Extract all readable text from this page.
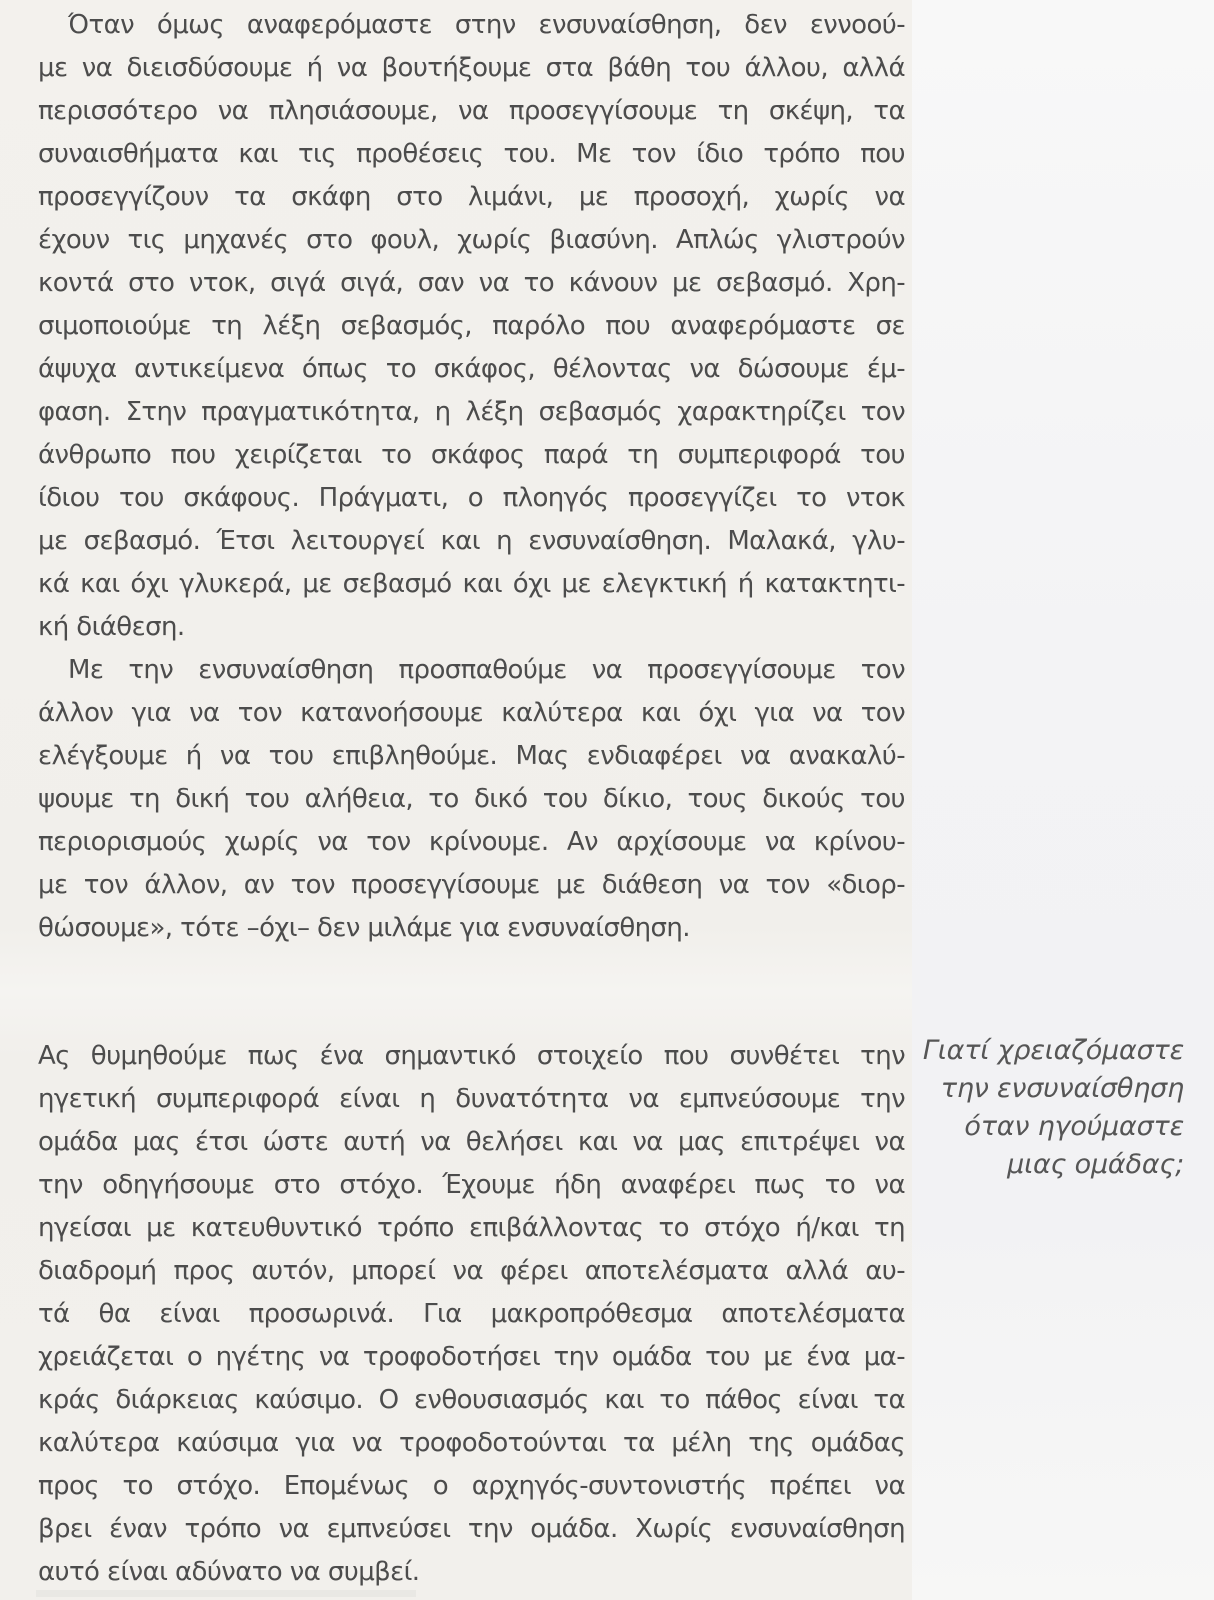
Όταν όμως αναφερόμαστε στην ενσυναίσθηση, δεν εννοού-
με να διεισδύσουμε ή να βουτήξουμε στα βάθη του άλλου, αλλά
περισσότερο να πλησιάσουμε, να προσεγγίσουμε τη σκέψη, τα
συναισθήματα και τις προθέσεις του. Με τον ίδιο τρόπο που
προσεγγίζουν τα σκάφη στο λιμάνι, με προσοχή, χωρίς να
έχουν τις μηχανές στο φουλ, χωρίς βιασύνη. Απλώς γλιστρούν
κοντά στο ντοκ, σιγά σιγά, σαν να το κάνουν με σεβασμό. Χρη-
σιμοποιούμε τη λέξη σεβασμός, παρόλο που αναφερόμαστε σε
άψυχα αντικείμενα όπως το σκάφος, θέλοντας να δώσουμε έμ-
φαση. Στην πραγματικότητα, η λέξη σεβασμός χαρακτηρίζει τον
άνθρωπο που χειρίζεται το σκάφος παρά τη συμπεριφορά του
ίδιου του σκάφους. Πράγματι, ο πλοηγός προσεγγίζει το ντοκ
με σεβασμό. Έτσι λειτουργεί και η ενσυναίσθηση. Μαλακά, γλυ-
κά και όχι γλυκερά, με σεβασμό και όχι με ελεγκτική ή κατακτητι-
κή διάθεση.
Με την ενσυναίσθηση προσπαθούμε να προσεγγίσουμε τον
άλλον για να τον κατανοήσουμε καλύτερα και όχι για να τον
ελέγξουμε ή να του επιβληθούμε. Μας ενδιαφέρει να ανακαλύ-
ψουμε τη δική του αλήθεια, το δικό του δίκιο, τους δικούς του
περιορισμούς χωρίς να τον κρίνουμε. Αν αρχίσουμε να κρίνου-
με τον άλλον, αν τον προσεγγίσουμε με διάθεση να τον «διορ-
θώσουμε», τότε –όχι– δεν μιλάμε για ενσυναίσθηση.
Ας θυμηθούμε πως ένα σημαντικό στοιχείο που συνθέτει την
ηγετική συμπεριφορά είναι η δυνατότητα να εμπνεύσουμε την
ομάδα μας έτσι ώστε αυτή να θελήσει και να μας επιτρέψει να
την οδηγήσουμε στο στόχο. Έχουμε ήδη αναφέρει πως το να
ηγείσαι με κατευθυντικό τρόπο επιβάλλοντας το στόχο ή/και τη
διαδρομή προς αυτόν, μπορεί να φέρει αποτελέσματα αλλά αυ-
τά θα είναι προσωρινά. Για μακροπρόθεσμα αποτελέσματα
χρειάζεται ο ηγέτης να τροφοδοτήσει την ομάδα του με ένα μα-
κράς διάρκειας καύσιμο. Ο ενθουσιασμός και το πάθος είναι τα
καλύτερα καύσιμα για να τροφοδοτούνται τα μέλη της ομάδας
προς το στόχο. Επομένως ο αρχηγός-συντονιστής πρέπει να
βρει έναν τρόπο να εμπνεύσει την ομάδα. Χωρίς ενσυναίσθηση
αυτό είναι αδύνατο να συμβεί.
Γιατί χρειαζόμαστε
την ενσυναίσθηση
όταν ηγούμαστε
μιας ομάδας;
